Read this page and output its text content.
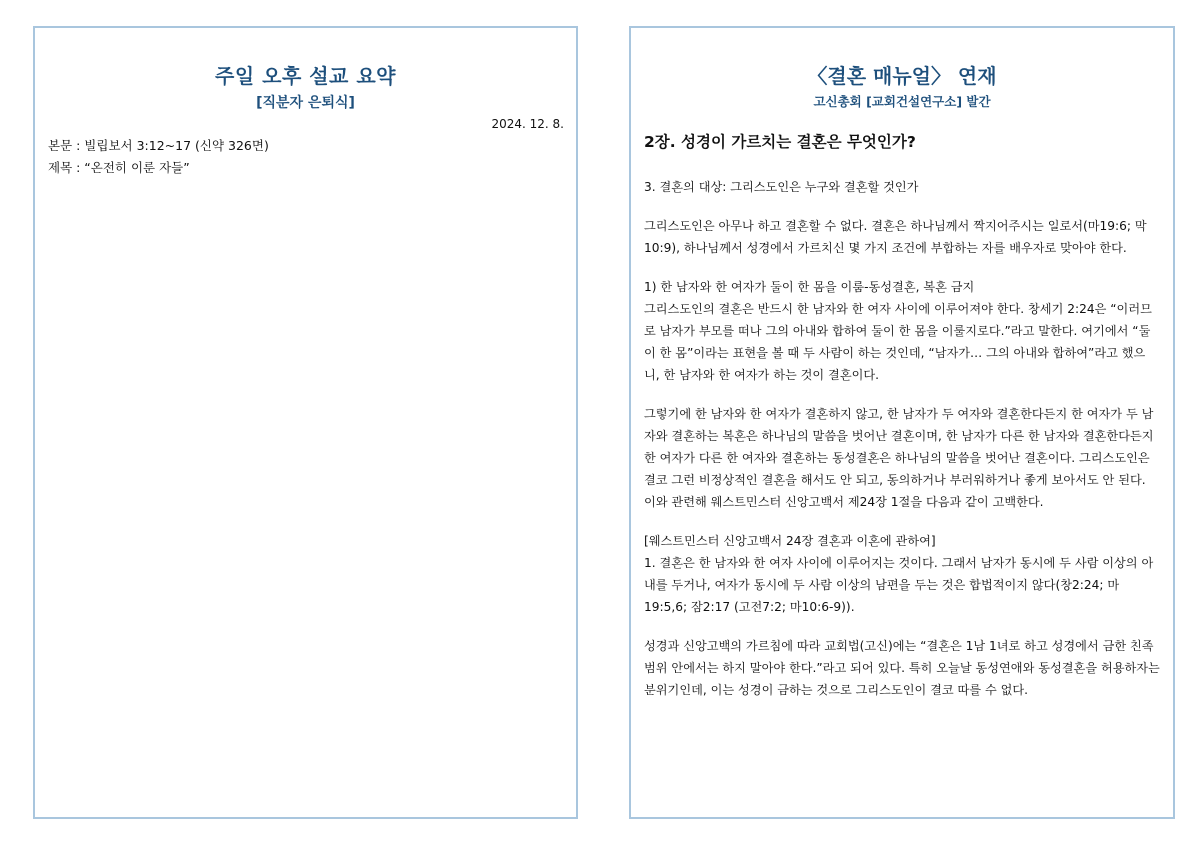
주일 오후 설교 요약
[직분자 은퇴식]
2024. 12. 8.
본문 : 빌립보서 3:12~17 (신약 326면)
제목 : “온전히 이룬 자들”
〈결혼 매뉴얼〉 연재
고신총회 [교회건설연구소] 발간
2장. 성경이 가르치는 결혼은 무엇인가?
3. 결혼의 대상: 그리스도인은 누구와 결혼할 것인가

그리스도인은 아무나 하고 결혼할 수 없다. 결혼은 하나님께서 짝지어주시는 일로서(마19:6; 막10:9), 하나님께서 성경에서 가르치신 몇 가지 조건에 부합하는 자를 배우자로 맞아야 한다.

1) 한 남자와 한 여자가 둘이 한 몸을 이룸-동성결혼, 복혼 금지

그리스도인의 결혼은 반드시 한 남자와 한 여자 사이에 이루어져야 한다. 창세기 2:24은 “이러므로 남자가 부모를 떠나 그의 아내와 합하여 둘이 한 몸을 이룰지로다.”라고 말한다. 여기에서 “둘이 한 몸”이라는 표현을 볼 때 두 사람이 하는 것인데, “남자가… 그의 아내와 합하여”라고 했으니, 한 남자와 한 여자가 하는 것이 결혼이다.

그렇기에 한 남자와 한 여자가 결혼하지 않고, 한 남자가 두 여자와 결혼한다든지 한 여자가 두 남자와 결혼하는 복혼은 하나님의 말씀을 벗어난 결혼이며, 한 남자가 다른 한 남자와 결혼한다든지 한 여자가 다른 한 여자와 결혼하는 동성결혼은 하나님의 말씀을 벗어난 결혼이다. 그리스도인은 결코 그런 비정상적인 결혼을 해서도 안 되고, 동의하거나 부러워하거나 좋게 보아서도 안 된다. 이와 관련해 웨스트민스터 신앙고백서 제24장 1절을 다음과 같이 고백한다.

[웨스트민스터 신앙고백서 24장 결혼과 이혼에 관하여]

1. 결혼은 한 남자와 한 여자 사이에 이루어지는 것이다. 그래서 남자가 동시에 두 사람 이상의 아내를 두거나, 여자가 동시에 두 사람 이상의 남편을 두는 것은 합법적이지 않다(창2:24; 마19:5,6; 잠2:17 (고전7:2; 마10:6-9)).

성경과 신앙고백의 가르침에 따라 교회법(고신)에는 “결혼은 1남 1녀로 하고 성경에서 금한 친족 범위 안에서는 하지 말아야 한다.”라고 되어 있다. 특히 오늘날 동성연애와 동성결혼을 허용하자는 분위기인데, 이는 성경이 금하는 것으로 그리스도인이 결코 따를 수 없다.
